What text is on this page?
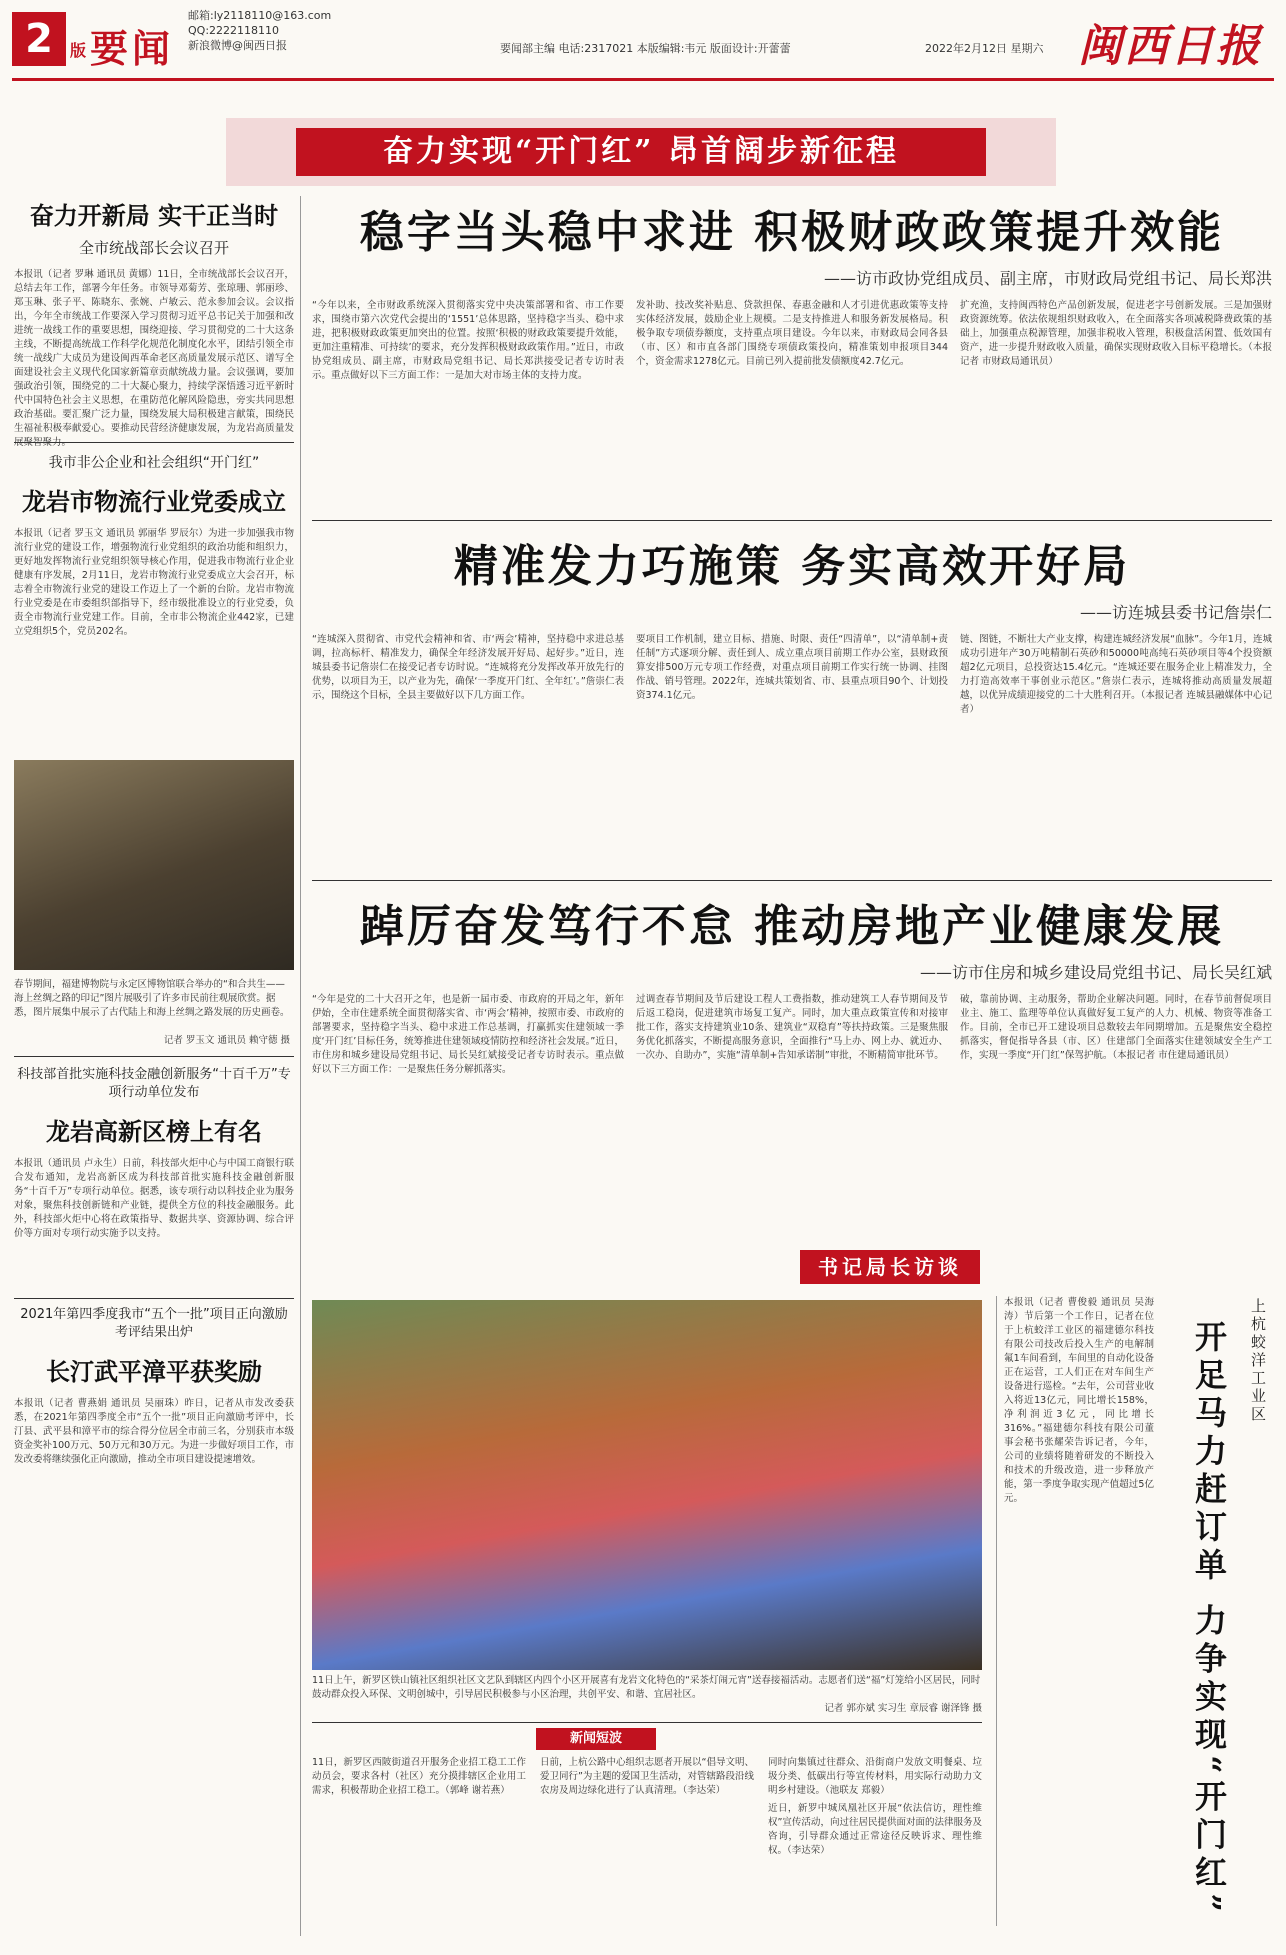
2	版 要闻
邮箱:ly2118110@163.com
QQ:2222118110
新浪微博@闽西日报	要闻部主编 电话:2317021 本版编辑:韦元 版面设计:开蕾蕾	2022年2月12日 星期六 闽西日报
奋力实现“开门红” 昂首阔步新征程
奋力开新局 实干正当时
全市统战部长会议召开

本报讯（记者 罗琳 通讯员 黄娜）11日，全市统战部长会议召开，总结去年工作，部署今年任务。市领导邓菊芳、张琼珊、郭丽珍、郑玉琳、张子平、陈晓东、张婉、卢敏云、范永参加会议。会议指出，今年全市统战工作要深入学习贯彻习近平总书记关于加强和改进统一战线工作的重要思想，围绕迎接、学习贯彻党的二十大这条主线，不断提高统战工作科学化规范化制度化水平，团结引领全市统一战线广大成员为建设闽西革命老区高质量发展示范区、谱写全面建设社会主义现代化国家新篇章贡献统战力量。会议强调，要加强政治引领，围绕党的二十大凝心聚力，持续学深悟透习近平新时代中国特色社会主义思想，在重防范化解风险隐患，旁实共同思想政治基础。要汇聚广泛力量，围绕发展大局积极建言献策，围绕民生福祉积极奉献爱心。要推动民营经济健康发展，为龙岩高质量发

我市非公企业和社会组织“开门红”
龙岩市物流行业党委成立

本报讯（记者 罗玉文 通讯员 郭丽华 罗辰尔）为进一步加强我市物流行业党的建设工作，增强物流行业党组织的政治功能和组织力，更好地发挥物流行业党组织领导核心作用，促进我市物流行业企业健康有序发展，2月11日，龙岩市物流行业党委成立大会召开，标志着全市物流行业党的建设工作迈上了一个新的台阶。龙岩市物流行业党委是在市委组织部指导下，经市级批准设立的行业党委，负责全市物流行业党建工作。目前，全市非公物流企业442家，已建立党组织5个，党员202名。

春节期间，福建博物院与永定区博物馆联合举办的“和合共生——海上丝绸之路的印记”图片展吸引了许多市民前往观展欣赏。据悉，图片展集中展示了古代陆上和海上丝绸之路发展的历史画卷。
记者 罗玉文 通讯员 赖守德 摄
科技部首批实施科技金融创新服务“十百千万”专项行动单位发布
龙岩高新区榜上有名

本报讯（通讯员 卢永生）日前，科技部火炬中心与中国工商银行联合发布通知，龙岩高新区成为科技部首批实施科技金融创新服务“十百千万”专项行动单位。据悉，该专项行动以科技企业为服务对象，聚焦科技创新链和产业链，提供全方位的科技金融服务。此外，科技部火炬中心将在政策指导、数据共享、资源协调、综合评价等方面对专项行动实施予以支持。

2021年第四季度我市“五个一批”项目正向激励考评结果出炉
长汀武平漳平获奖励

本报讯（记者 曹燕娟 通讯员 吴丽珠）昨日，记者从市发改委获悉，在2021年第四季度全市“五个一批”项目正向激励考评中，长汀县、武平县和漳平市的综合得分位居全市前三名，分别获市本级资金奖补100万元、50万元和30万元。为进一步做好项目工作，市发改委将继续强化正向激励，推动全市项目建设提速增效。

稳字当头稳中求进 积极财政政策提升效能
——访市政协党组成员、副主席，市财政局党组书记、局长郑洪

“今年以来，全市财政系统深入贯彻落实党中央决策部署和省、市工作要求，围绕市第六次党代会提出的‘1551’总体思路，坚持稳字当头、稳中求进，把积极财政政策更加突出的位置。按照‘积极的财政政策要提升效能，更加注重精准、可持续’的要求，充分发挥积极财政政策作用。”近日，市政协党组成员、副主席，市财政局党组书记、局长郑洪接受记者专访时表示。重点做好以下三方面工作：一是加大对市场主体的支持力度。

发补助、技改奖补贴息、贷款担保、春惠金融和人才引进优惠政策等支持实体经济发展，鼓励企业上规模。二是支持推进人和服务新发展格局。积极争取专项债券额度，支持重点项目建设。今年以来，市财政局会同各县（市、区）和市直各部门围绕专项债政策投向，精准策划申报项目344个，资金需求1278亿元。目前已列入提前批发债额度42.7亿元。

扩充渔，支持闽西特色产品创新发展，促进老字号创新发展。三是加强财政资源统筹。依法依规组织财政收入，在全面落实各项减税降费政策的基础上，加强重点税源管理，加强非税收入管理，积极盘活闲置、低效国有资产，进一步提升财政收入质量，确保实现财政收入目标平稳增长。（本报记者 市财政局通讯员）

精准发力巧施策 务实高效开好局
——访连城县委书记詹崇仁

“连城深入贯彻省、市党代会精神和省、市‘两会’精神，坚持稳中求进总基调，拉高标杆、精准发力，确保全年经济发展开好局、起好步。”近日，连城县委书记詹崇仁在接受记者专访时说。“连城将充分发挥改革开放先行的优势，以项目为王，以产业为先，确保‘一季度开门红、全年红’。”詹崇仁表示，围绕这个目标，全县主要做好以下几方面工作。

要项目工作机制，建立目标、措施、时限、责任“四清单”，以“清单制+责任制”方式逐项分解、责任到人、成立重点项目前期工作办公室，县财政预算安排500万元专项工作经费，对重点项目前期工作实行统一协调、挂图作战、销号管理。2022年，连城共策划省、市、县重点项目90个、计划投资374.1亿元。

链、图链，不断壮大产业支撑，构建连城经济发展“血脉”。今年1月，连城成功引进年产30万吨精制石英砂和50000吨高纯石英砂项目等4个投资额超2亿元项目，总投资达15.4亿元。“连城还要在服务企业上精准发力，全力打造高效率干事创业示范区。”詹崇仁表示，连城将推动高质量发展超越，以优异成绩迎接党的二十大胜利召开。（本报记者 连城县融媒体中心记者）

踔厉奋发笃行不怠 推动房地产业健康发展
——访市住房和城乡建设局党组书记、局长吴红斌

“今年是党的二十大召开之年，也是新一届市委、市政府的开局之年，新年伊始，全市住建系统全面贯彻落实省、市‘两会’精神，按照市委、市政府的部署要求，坚持稳字当头、稳中求进工作总基调，打赢抓实住建领域一季度‘开门红’目标任务，统筹推进住建领域疫情防控和经济社会发展。”近日，市住房和城乡建设局党组书记、局长吴红斌接受记者专访时表示。重点做好以下三方面工作：一是聚焦任务分解抓落实。

过调查春节期间及节后建设工程人工费指数，推动建筑工人春节期间及节后返工稳岗，促进建筑市场复工复产。同时，加大重点政策宣传和对接审批工作，落实支持建筑业10条、建筑业“双稳育”等扶持政策。三是聚焦服务优化抓落实，不断提高服务意识，全面推行“马上办、网上办、就近办、一次办、自助办”，实施“清单制+告知承诺制”审批，不断精简审批环节。

破，靠前协调、主动服务，帮助企业解决问题。同时，在春节前督促项目业主、施工、监理等单位认真做好复工复产的人力、机械、物资等准备工作。目前，全市已开工建设项目总数较去年同期增加。五是聚焦安全稳控抓落实，督促指导各县（市、区）住建部门全面落实住建领域安全生产工作，实现一季度“开门红”保驾护航。（本报记者 市住建局通讯员）

书记局长访谈
11日上午，新罗区铁山镇社区组织社区文艺队到辖区内四个小区开展喜有龙岩文化特色的“采茶灯闹元宵”送春接福活动。志愿者们送“福”灯笼给小区居民，同时鼓动群众投入环保、文明创城中，引导居民积极参与小区治理，共创平安、和谐、宜居社区。
记者 郭亦斌 实习生 章辰睿 谢泽锋 摄

本报讯（记者 曹俊毅 通讯员 吴海涛）节后第一个工作日，记者在位于上杭蛟洋工业区的福建德尔科技有限公司技改后投入生产的电解制氟1车间看到，车间里的自动化设备正在运营，工人们正在对车间生产设备进行巡检。“去年，公司营业收入将近13亿元，同比增长158%，净利润近3亿元，同比增长316%。”福建德尔科技有限公司董事会秘书张耀荣告诉记者，今年，公司的业绩将随着研发的不断投入和技术的升级改造，进一步释放产能，第一季度争取实现产值超过5亿元。

上杭蛟洋工业区
开足马力赶订单 力争实现“开门红”
新闻短波

11日，新罗区西陂街道召开服务企业招工稳工工作动员会，要求各村（社区）充分摸排辖区企业用工需求，积极帮助企业招工稳工。（郭峰 谢若燕）

日前，上杭公路中心组织志愿者开展以“倡导文明、爱卫同行”为主题的爱国卫生活动，对管辖路段沿线农房及周边绿化进行了认真清理。（李达荣）

同时向集镇过往群众、沿街商户发放文明餐桌、垃圾分类、低碳出行等宣传材料，用实际行动助力文明乡村建设。（池联友 郑毅）

近日，新罗中城凤凰社区开展“依法信访，理性维权”宣传活动，向过往居民提供面对面的法律服务及咨询，引导群众通过正常途径反映诉求、理性维权。（李达荣）
